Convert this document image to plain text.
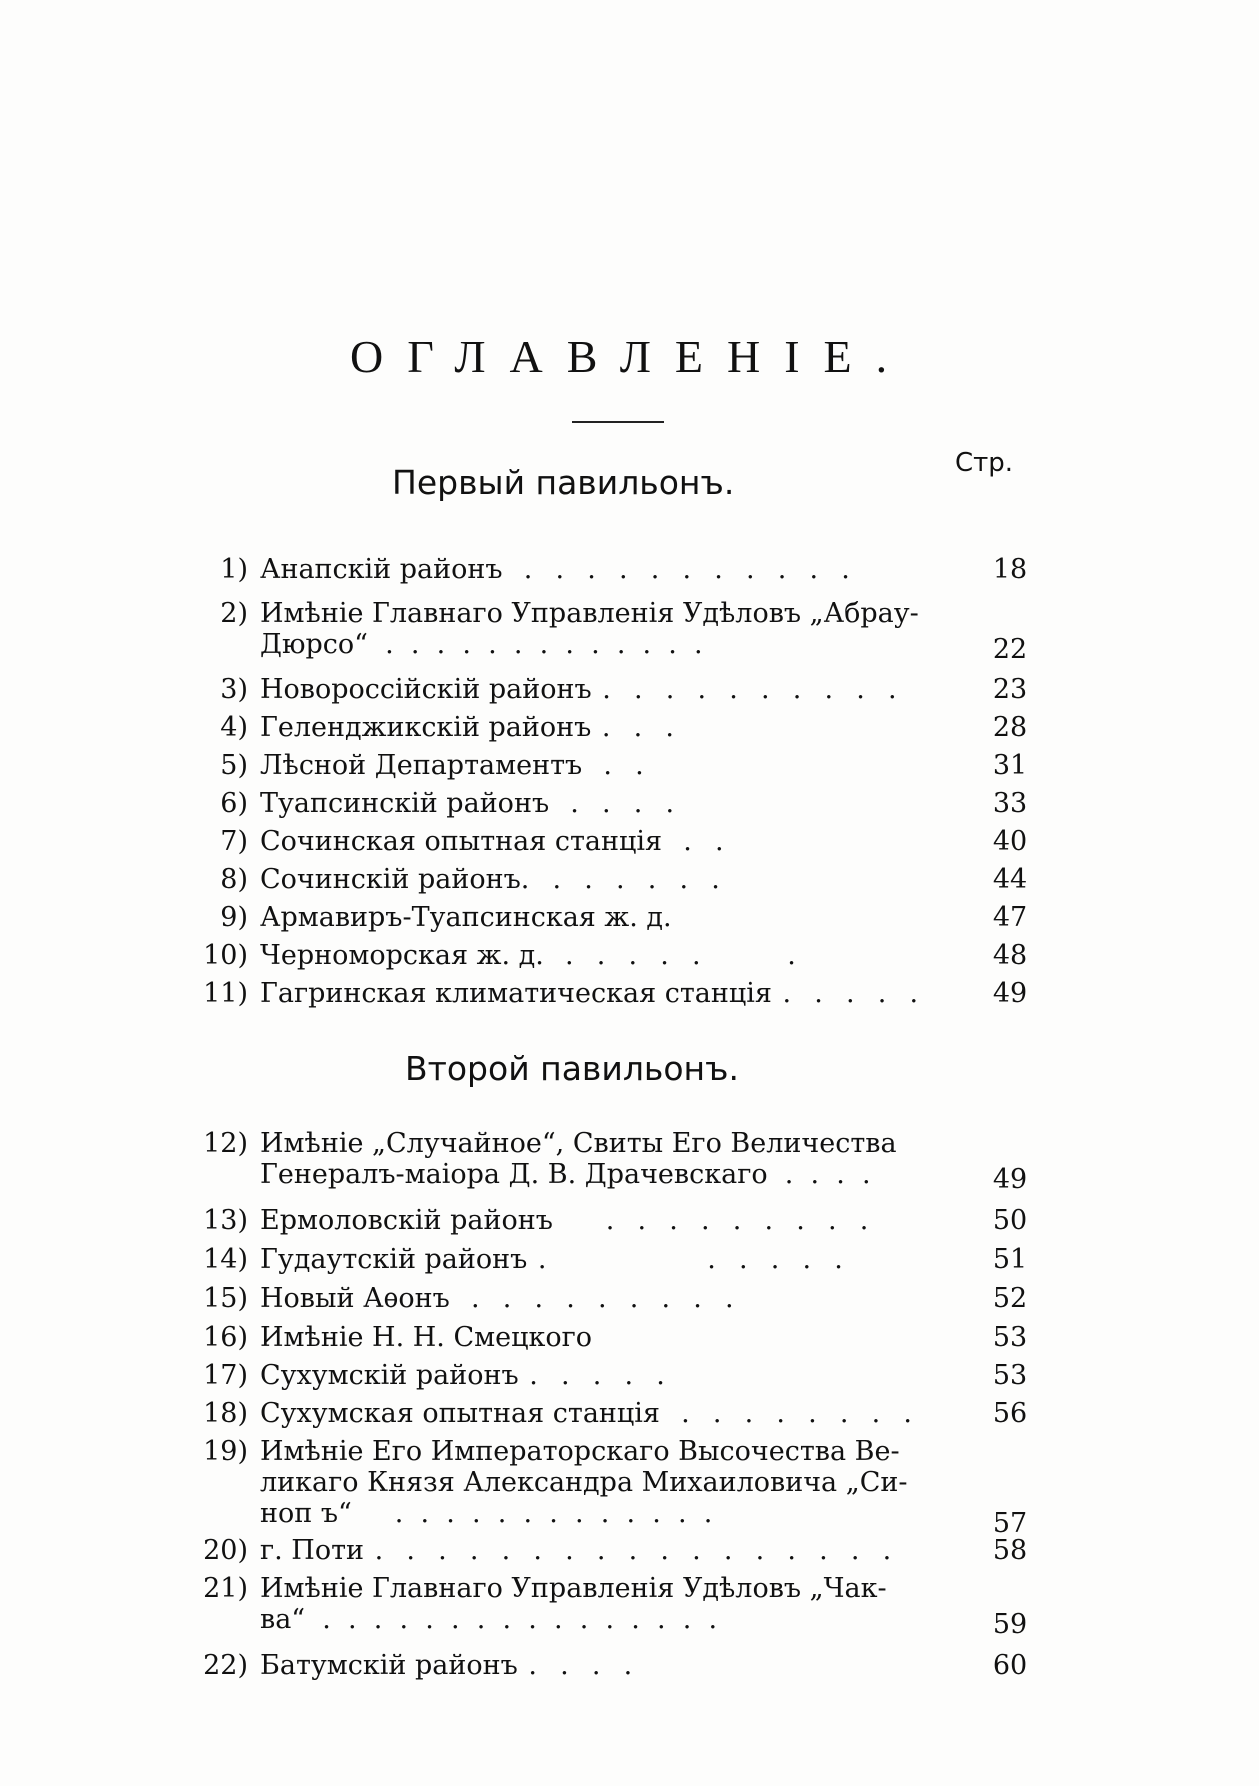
ОГЛАВЛЕНІЕ.
Стр.
Первый павильонъ.
1) Анапскій районъ  .  .  .  .  .  .  .  .  .  .  .	18
2) Имѣніе Главнаго Управленія Удѣловъ „Абрау-
Дюрсо“  .  .  .  .  .  .  .  .  .  .  .  .  .	22
3) Новороссійскій районъ .  .  .  .  .  .  .  .  .  .	23
4) Геленджикскій районъ .  .  .	28
5) Лѣсной Департаментъ  .  .	31
6) Туапсинскій районъ  .  .  .  .	33
7) Сочинская опытная станція  .  .	40
8) Сочинскій районъ.  .  .  .  .  .  .	44
9) Армавиръ-Туапсинская ж. д.	47
10) Черноморская ж. д.  .  .  .  .  .        .	48
11) Гагринская климатическая станція .  .  .  .  .	49
Второй павильонъ.
12) Имѣніе „Случайное“, Свиты Его Величества
Генералъ-маіора Д. В. Драчевскаго  .  .  .  .	49
13) Ермоловскій районъ     .  .  .  .  .  .  .  .  .	50
14) Гудаутскій районъ .               .  .  .  .  .	51
15) Новый Аѳонъ  .  .  .  .  .  .  .  .  .	52
16) Имѣніе Н. Н. Смецкого	53
17) Сухумскій районъ .  .  .  .  .	53
18) Сухумская опытная станція  .  .  .  .  .  .  .  .	56
19) Имѣніе Его Императорскаго Высочества Ве-
ликаго Князя Александра Михаиловича „Си-
ноп ъ“     .  .  .  .  .  .  .  .  .  .  .  .  .	57
20) г. Поти .  .  .  .  .  .  .  .  .  .  .  .  .  .  .  .  .	58
21) Имѣніе Главнаго Управленія Удѣловъ „Чак-
ва“  .  .  .  .  .  .  .  .  .  .  .  .  .  .  .  .	59
22) Батумскій районъ .  .  .  .	60
